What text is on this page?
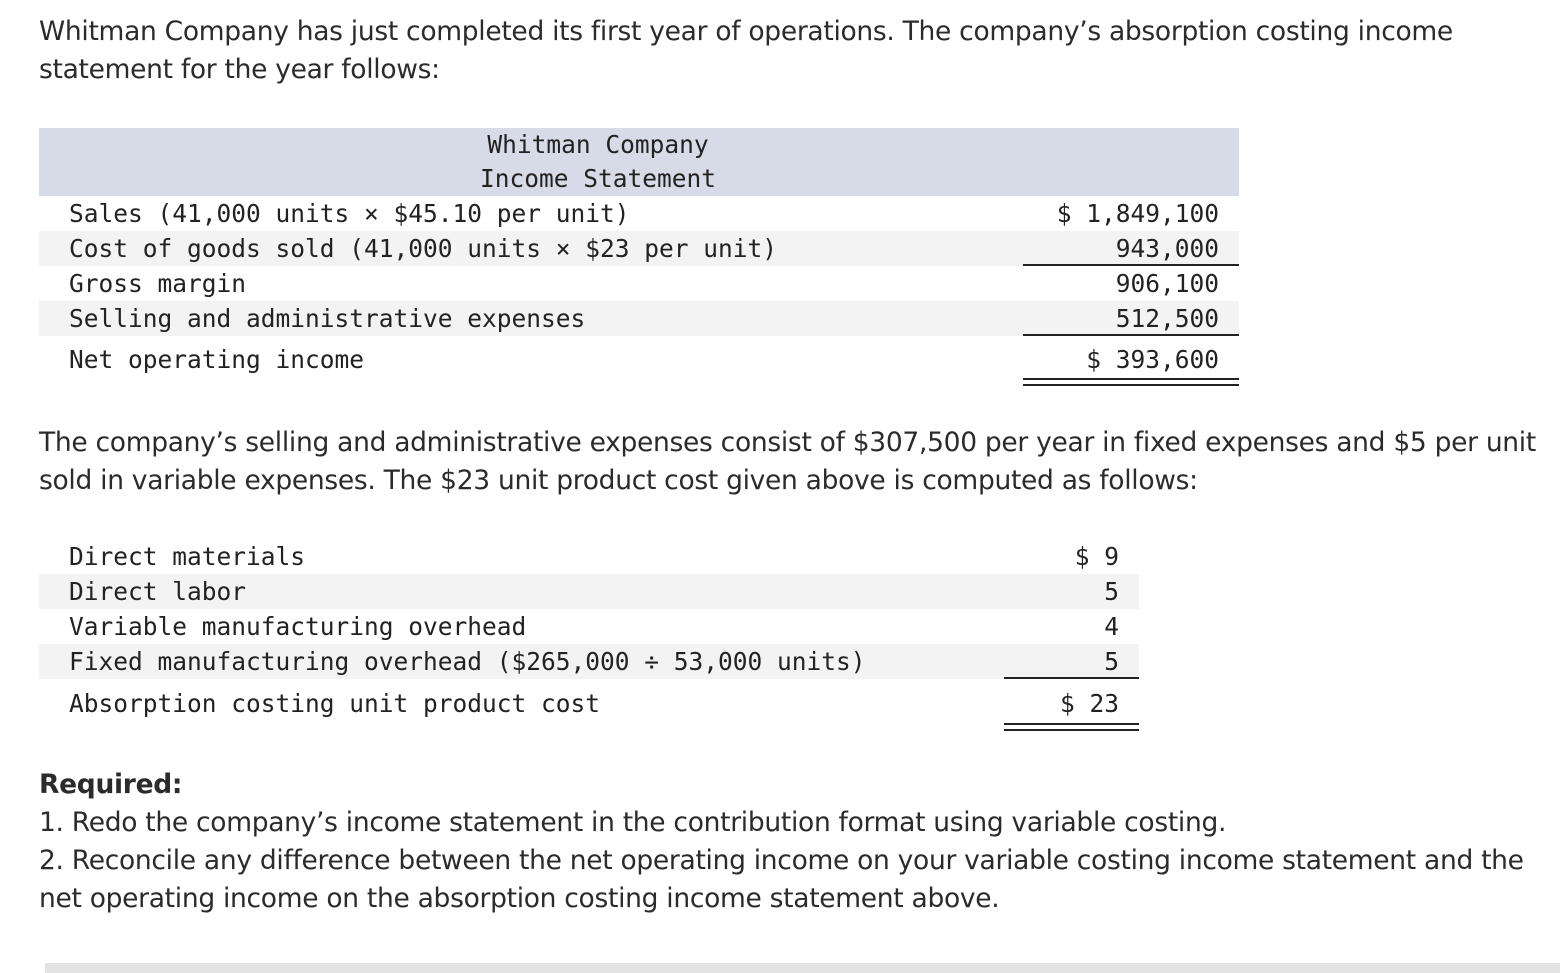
Whitman Company has just completed its first year of operations. The company’s absorption costing income statement for the year follows:

Whitman Company
Income Statement
Sales (41,000 units × $45.10 per unit)	$ 1,849,100
Cost of goods sold (41,000 units × $23 per unit)	943,000
Gross margin	906,100
Selling and administrative expenses	512,500
Net operating income	$ 393,600

The company’s selling and administrative expenses consist of $307,500 per year in fixed expenses and $5 per unit sold in variable expenses. The $23 unit product cost given above is computed as follows:

Direct materials	$ 9
Direct labor	5
Variable manufacturing overhead	4
Fixed manufacturing overhead ($265,000 ÷ 53,000 units)	5
Absorption costing unit product cost	$ 23
Required:
1. Redo the company’s income statement in the contribution format using variable costing.
2. Reconcile any difference between the net operating income on your variable costing income statement and the net operating income on the absorption costing income statement above.
